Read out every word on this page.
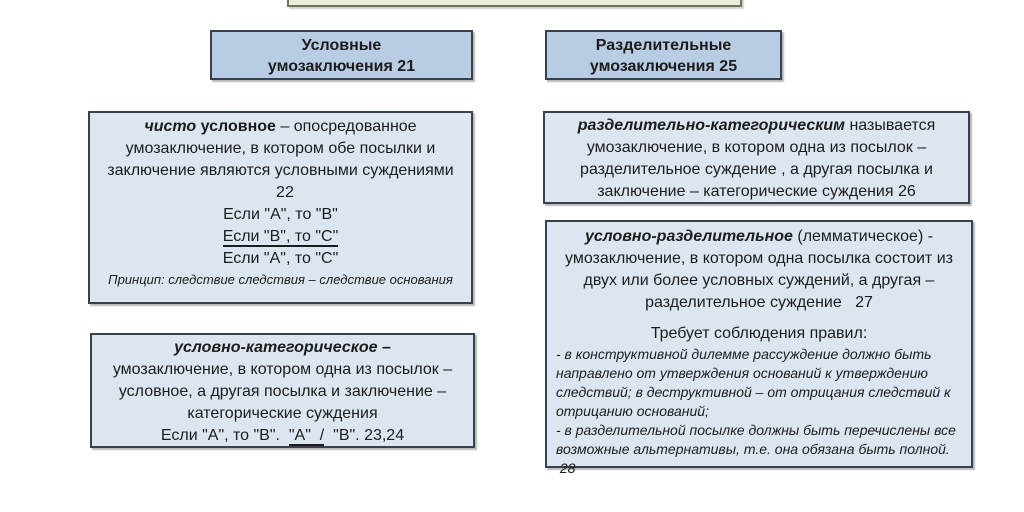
Условные
умозаключения 21
Разделительные
умозаключения 25
чисто условное – опосредованное умозаключение, в котором обе посылки и заключение являются условными суждениями   22
Если "А", то "В"
Если "В", то "С"
Если "А", то "С"
Принцип: следствие следствия – следствие основания
условно-категорическое –
умозаключение, в котором одна из посылок – условное, а другая посылка и заключение – категорические суждения
Если "А", то "В".  "А"  /  "В". 23,24
разделительно-категорическим называется умозаключение, в котором одна из посылок – разделительное суждение , а другая посылка и заключение – категорические суждения 26
условно-разделительное (лемматическое) - умозаключение, в котором одна посылка состоит из двух или более условных суждений, а другая – разделительное суждение   27
Требует соблюдения правил:
- в конструктивной дилемме рассуждение должно быть направлено от утверждения оснований к утверждению следствий; в деструктивной – от отрицания следствий к отрицанию оснований;
- в разделительной посылке должны быть перечислены все возможные альтернативы, т.е. она обязана быть полной.  28
